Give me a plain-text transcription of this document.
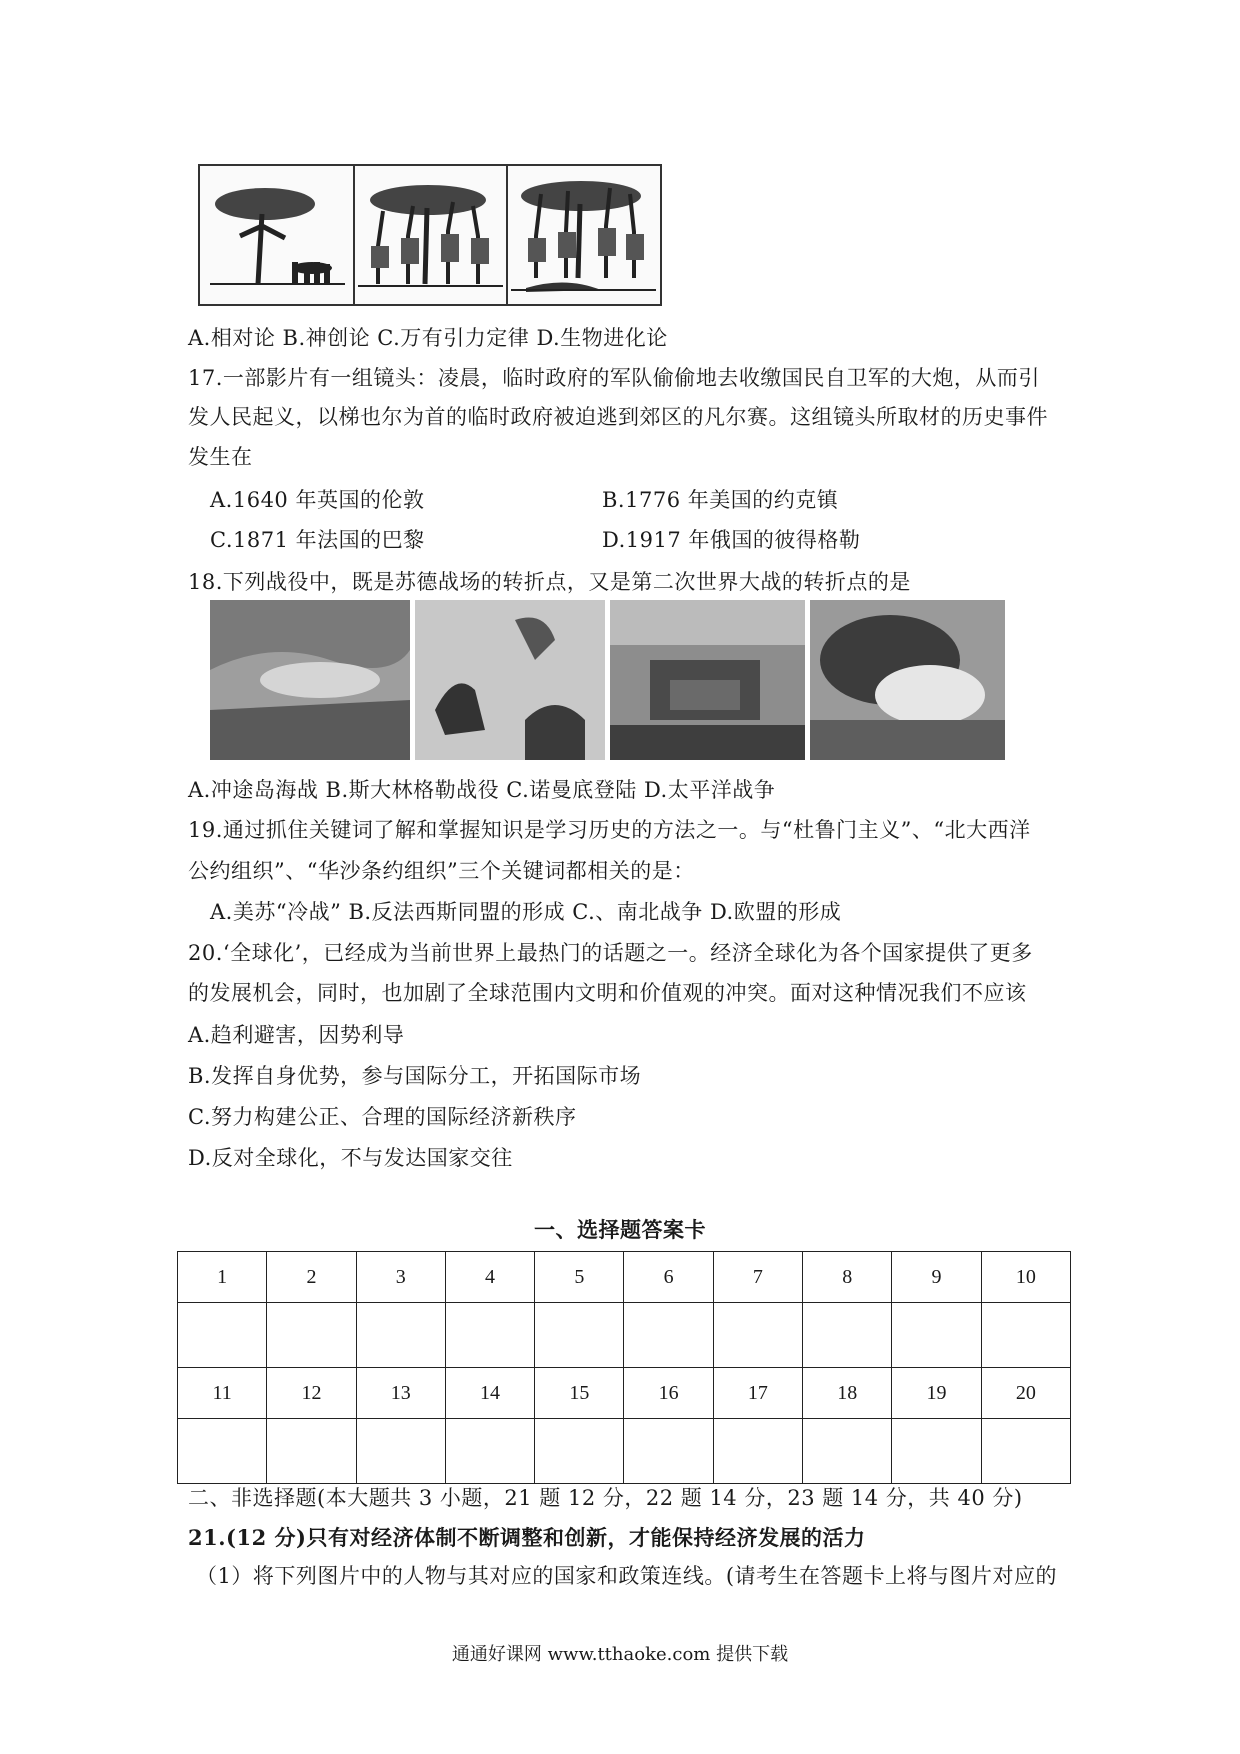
A.相对论 B.神创论 C.万有引力定律 D.生物进化论
17.一部影片有一组镜头：凌晨，临时政府的军队偷偷地去收缴国民自卫军的大炮，从而引
发人民起义，以梯也尔为首的临时政府被迫逃到郊区的凡尔赛。这组镜头所取材的历史事件
发生在
A.1640 年英国的伦敦	B.1776 年美国的约克镇
C.1871 年法国的巴黎	D.1917 年俄国的彼得格勒
18.下列战役中，既是苏德战场的转折点，又是第二次世界大战的转折点的是
A.冲途岛海战 B.斯大林格勒战役 C.诺曼底登陆 D.太平洋战争
19.通过抓住关键词了解和掌握知识是学习历史的方法之一。与“杜鲁门主义”、“北大西洋
公约组织”、“华沙条约组织”三个关键词都相关的是：
A.美苏“冷战” B.反法西斯同盟的形成 C.、南北战争 D.欧盟的形成
20.‘全球化’，已经成为当前世界上最热门的话题之一。经济全球化为各个国家提供了更多
的发展机会，同时，也加剧了全球范围内文明和价值观的冲突。面对这种情况我们不应该
A.趋利避害，因势利导
B.发挥自身优势，参与国际分工，开拓国际市场
C.努力构建公正、合理的国际经济新秩序
D.反对全球化，不与发达国家交往
一、选择题答案卡
1	2	3	4	5	6	7	8	9	10

11	12	13	14	15	16	17	18	19	20

二、非选择题(本大题共 3 小题，21 题 12 分，22 题 14 分，23 题 14 分，共 40 分)
21.(12 分)只有对经济体制不断调整和创新，才能保持经济发展的活力
（1）将下列图片中的人物与其对应的国家和政策连线。(请考生在答题卡上将与图片对应的
通通好课网 www.tthaoke.com 提供下载
